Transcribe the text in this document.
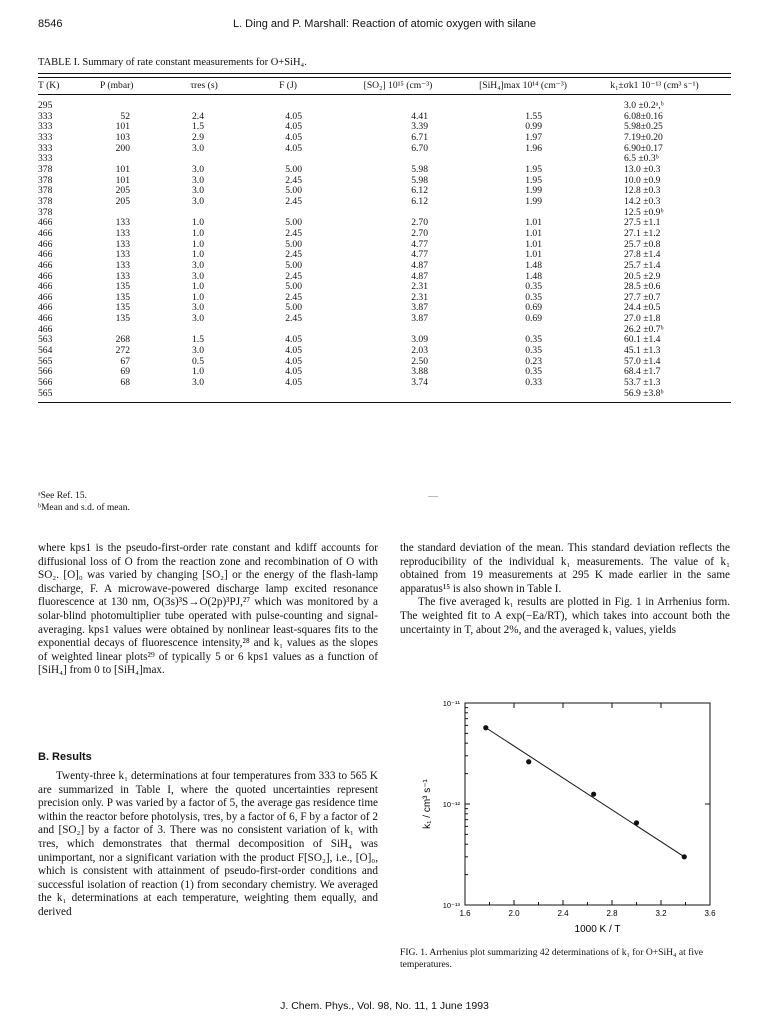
8546	L. Ding and P. Marshall: Reaction of atomic oxygen with silane
TABLE I. Summary of rate constant measurements for O+SiH₄.

T (K)	P (mbar)	τres (s)	F (J)	[SO₂] 10¹⁵ (cm⁻³)	[SiH₄]max 10¹⁴ (cm⁻³)	k₁±σk1 10⁻¹³ (cm³ s⁻¹)
295						3.0 ±0.2ᵃ,ᵇ
333	52	2.4	4.05	4.41	1.55	6.08±0.16
333	101	1.5	4.05	3.39	0.99	5.98±0.25
333	103	2.9	4.05	6.71	1.97	7.19±0.20
333	200	3.0	4.05	6.70	1.96	6.90±0.17
333						6.5 ±0.3ᵇ
378	101	3.0	5.00	5.98	1.95	13.0 ±0.3
378	101	3.0	2.45	5.98	1.95	10.0 ±0.9
378	205	3.0	5.00	6.12	1.99	12.8 ±0.3
378	205	3.0	2.45	6.12	1.99	14.2 ±0.3
378						12.5 ±0.9ᵇ
466	133	1.0	5.00	2.70	1.01	27.5 ±1.1
466	133	1.0	2.45	2.70	1.01	27.1 ±1.2
466	133	1.0	5.00	4.77	1.01	25.7 ±0.8
466	133	1.0	2.45	4.77	1.01	27.8 ±1.4
466	133	3.0	5.00	4.87	1.48	25.7 ±1.4
466	133	3.0	2.45	4.87	1.48	20.5 ±2.9
466	135	1.0	5.00	2.31	0.35	28.5 ±0.6
466	135	1.0	2.45	2.31	0.35	27.7 ±0.7
466	135	3.0	5.00	3.87	0.69	24.4 ±0.5
466	135	3.0	2.45	3.87	0.69	27.0 ±1.8
466						26.2 ±0.7ᵇ
563	268	1.5	4.05	3.09	0.35	60.1 ±1.4
564	272	3.0	4.05	2.03	0.35	45.1 ±1.3
565	67	0.5	4.05	2.50	0.23	57.0 ±1.4
566	69	1.0	4.05	3.88	0.35	68.4 ±1.7
566	68	3.0	4.05	3.74	0.33	53.7 ±1.3
565						56.9 ±3.8ᵇ
ᵃSee Ref. 15.
ᵇMean and s.d. of mean.

where kps1 is the pseudo-first-order rate constant and kdiff accounts for diffusional loss of O from the reaction zone and recombination of O with SO₂. [O]₀ was varied by changing [SO₂] or the energy of the flash-lamp discharge, F. A microwave-powered discharge lamp excited resonance fluorescence at 130 nm, O(3s)³S→O(2p)³PJ,²⁷ which was monitored by a solar-blind photomultiplier tube operated with pulse-counting and signal-averaging. kps1 values were obtained by nonlinear least-squares fits to the exponential decays of fluorescence intensity,²⁸ and k₁ values as the slopes of weighted linear plots²⁹ of typically 5 or 6 kps1 values as a function of [SiH₄] from 0 to [SiH₄]max.

B. Results

Twenty-three k₁ determinations at four temperatures from 333 to 565 K are summarized in Table I, where the quoted uncertainties represent precision only. P was varied by a factor of 5, the average gas residence time within the reactor before photolysis, τres, by a factor of 6, F by a factor of 2 and [SO₂] by a factor of 3. There was no consistent variation of k₁ with τres, which demonstrates that thermal decomposition of SiH₄ was unimportant, nor a significant variation with the product F[SO₂], i.e., [O]₀, which is consistent with attainment of pseudo-first-order conditions and successful isolation of reaction (1) from secondary chemistry. We averaged the k₁ determinations at each temperature, weighting them equally, and derived

the standard deviation of the mean. This standard deviation reflects the reproducibility of the individual k₁ measurements. The value of k₁ obtained from 19 measurements at 295 K made earlier in the same apparatus¹⁵ is also shown in Table I.

The five averaged k₁ results are plotted in Fig. 1 in Arrhenius form. The weighted fit to A exp(−Ea/RT), which takes into account both the uncertainty in T, about 2%, and the averaged k₁ values, yields

1.6	2.0	2.4	2.8	3.2	3.6
10⁻¹¹
10⁻¹²
10⁻¹³
1000 K / T
k₁ / cm³ s⁻¹
FIG. 1. Arrhenius plot summarizing 42 determinations of k₁ for O+SiH₄ at five temperatures.
J. Chem. Phys., Vol. 98, No. 11, 1 June 1993
